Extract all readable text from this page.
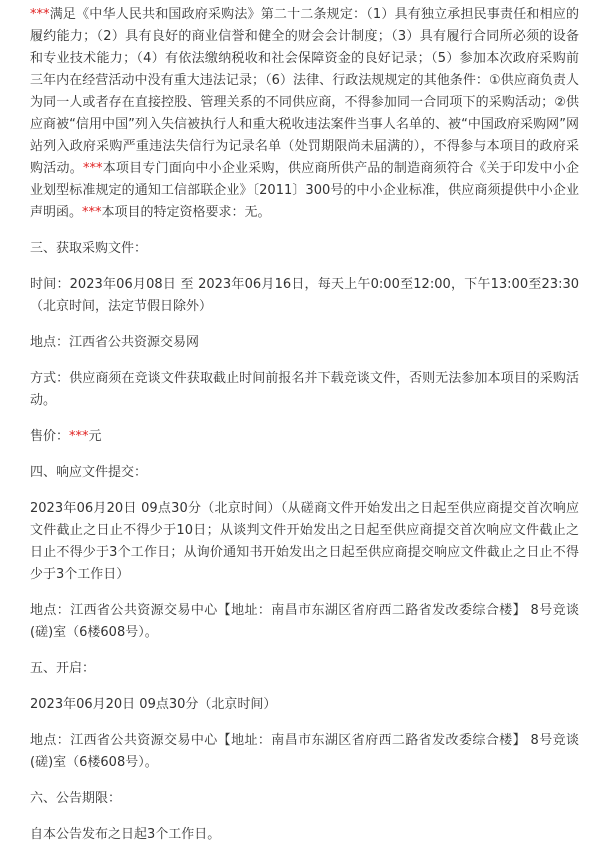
***满足《中华人民共和国政府采购法》第二十二条规定：（1）具有独立承担民事责任和相应的履约能力；（2）具有良好的商业信誉和健全的财会会计制度；（3）具有履行合同所必须的设备和专业技术能力；（4）有依法缴纳税收和社会保障资金的良好记录；（5）参加本次政府采购前三年内在经营活动中没有重大违法记录；（6）法律、行政法规规定的其他条件：①供应商负责人为同一人或者存在直接控股、管理关系的不同供应商，不得参加同一合同项下的采购活动；②供应商被“信用中国”列入失信被执行人和重大税收违法案件当事人名单的、被“中国政府采购网”网站列入政府采购严重违法失信行为记录名单（处罚期限尚未届满的），不得参与本项目的政府采购活动。***本项目专门面向中小企业采购，供应商所供产品的制造商须符合《关于印发中小企业划型标准规定的通知工信部联企业》〔2011〕300号的中小企业标准，供应商须提供中小企业声明函。***本项目的特定资格要求：无。

三、获取采购文件：

时间：2023年06月08日 至 2023年06月16日，每天上午0:00至12:00，下午13:00至23:30（北京时间，法定节假日除外）

地点：江西省公共资源交易网

方式：供应商须在竞谈文件获取截止时间前报名并下载竞谈文件，否则无法参加本项目的采购活动。

售价：***元

四、响应文件提交：

2023年06月20日 09点30分（北京时间）（从磋商文件开始发出之日起至供应商提交首次响应文件截止之日止不得少于10日；从谈判文件开始发出之日起至供应商提交首次响应文件截止之日止不得少于3个工作日；从询价通知书开始发出之日起至供应商提交响应文件截止之日止不得少于3个工作日）

地点：江西省公共资源交易中心【地址：南昌市东湖区省府西二路省发改委综合楼】 8号竞谈(磋)室（6楼608号）。

五、开启：

2023年06月20日 09点30分（北京时间）

地点：江西省公共资源交易中心【地址：南昌市东湖区省府西二路省发改委综合楼】 8号竞谈(磋)室（6楼608号）。

六、公告期限：

自本公告发布之日起3个工作日。
